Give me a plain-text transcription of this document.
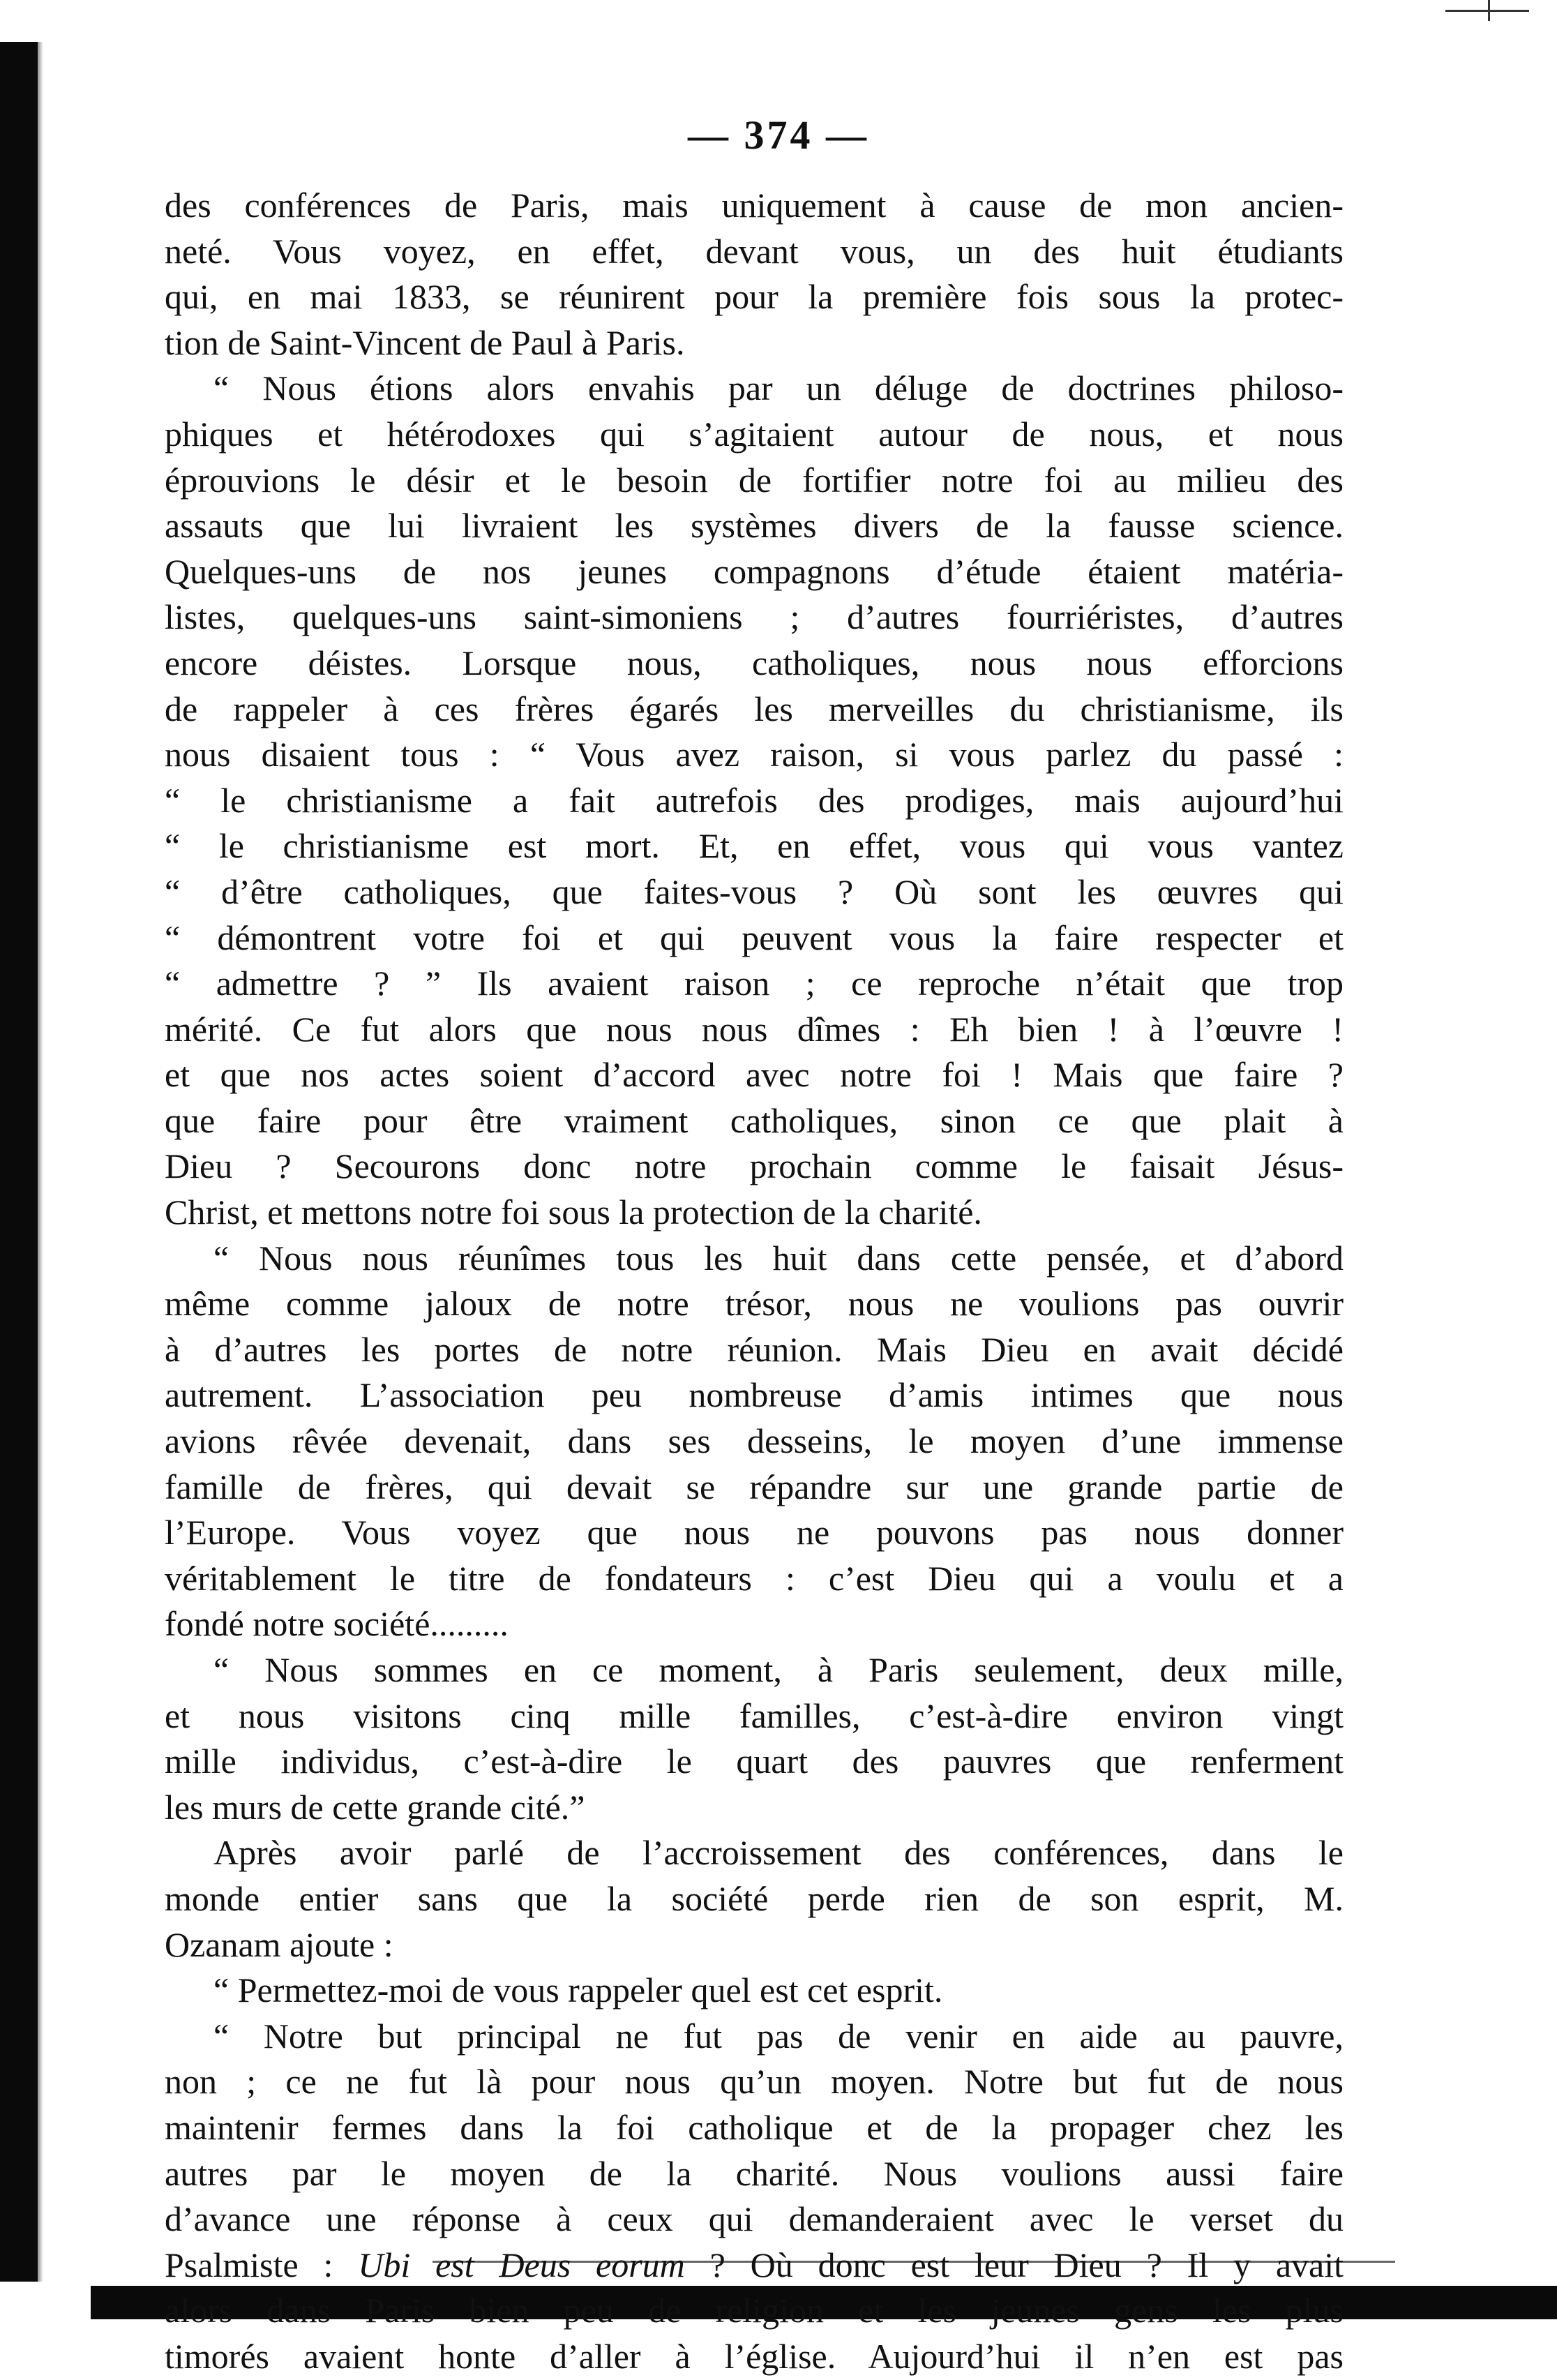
— 374 —
des conférences de Paris, mais uniquement à cause de mon ancien-
neté. Vous voyez, en effet, devant vous, un des huit étudiants
qui, en mai 1833, se réunirent pour la première fois sous la protec-
tion de Saint-Vincent de Paul à Paris.
“ Nous étions alors envahis par un déluge de doctrines philoso-
phiques et hétérodoxes qui s’agitaient autour de nous, et nous
éprouvions le désir et le besoin de fortifier notre foi au milieu des
assauts que lui livraient les systèmes divers de la fausse science.
Quelques-uns de nos jeunes compagnons d’étude étaient matéria-
listes, quelques-uns saint-simoniens ; d’autres fourriéristes, d’autres
encore déistes. Lorsque nous, catholiques, nous nous efforcions
de rappeler à ces frères égarés les merveilles du christianisme, ils
nous disaient tous : “ Vous avez raison, si vous parlez du passé :
“ le christianisme a fait autrefois des prodiges, mais aujourd’hui
“ le christianisme est mort. Et, en effet, vous qui vous vantez
“ d’être catholiques, que faites-vous ? Où sont les œuvres qui
“ démontrent votre foi et qui peuvent vous la faire respecter et
“ admettre ? ” Ils avaient raison ; ce reproche n’était que trop
mérité. Ce fut alors que nous nous dîmes : Eh bien ! à l’œuvre !
et que nos actes soient d’accord avec notre foi ! Mais que faire ?
que faire pour être vraiment catholiques, sinon ce que plait à
Dieu ? Secourons donc notre prochain comme le faisait Jésus-
Christ, et mettons notre foi sous la protection de la charité.
“ Nous nous réunîmes tous les huit dans cette pensée, et d’abord
même comme jaloux de notre trésor, nous ne voulions pas ouvrir
à d’autres les portes de notre réunion. Mais Dieu en avait décidé
autrement. L’association peu nombreuse d’amis intimes que nous
avions rêvée devenait, dans ses desseins, le moyen d’une immense
famille de frères, qui devait se répandre sur une grande partie de
l’Europe. Vous voyez que nous ne pouvons pas nous donner
véritablement le titre de fondateurs : c’est Dieu qui a voulu et a
fondé notre société.........
“ Nous sommes en ce moment, à Paris seulement, deux mille,
et nous visitons cinq mille familles, c’est-à-dire environ vingt
mille individus, c’est-à-dire le quart des pauvres que renferment
les murs de cette grande cité.”
Après avoir parlé de l’accroissement des conférences, dans le
monde entier sans que la société perde rien de son esprit, M.
Ozanam ajoute :
“ Permettez-moi de vous rappeler quel est cet esprit.
“ Notre but principal ne fut pas de venir en aide au pauvre,
non ; ce ne fut là pour nous qu’un moyen. Notre but fut de nous
maintenir fermes dans la foi catholique et de la propager chez les
autres par le moyen de la charité. Nous voulions aussi faire
d’avance une réponse à ceux qui demanderaient avec le verset du
Psalmiste : Ubi est Deus eorum ? Où donc est leur Dieu ? Il y avait
alors dans Paris bien peu de religion et les jeunes gens les plus
timorés avaient honte d’aller à l’église. Aujourd’hui il n’en est pas
